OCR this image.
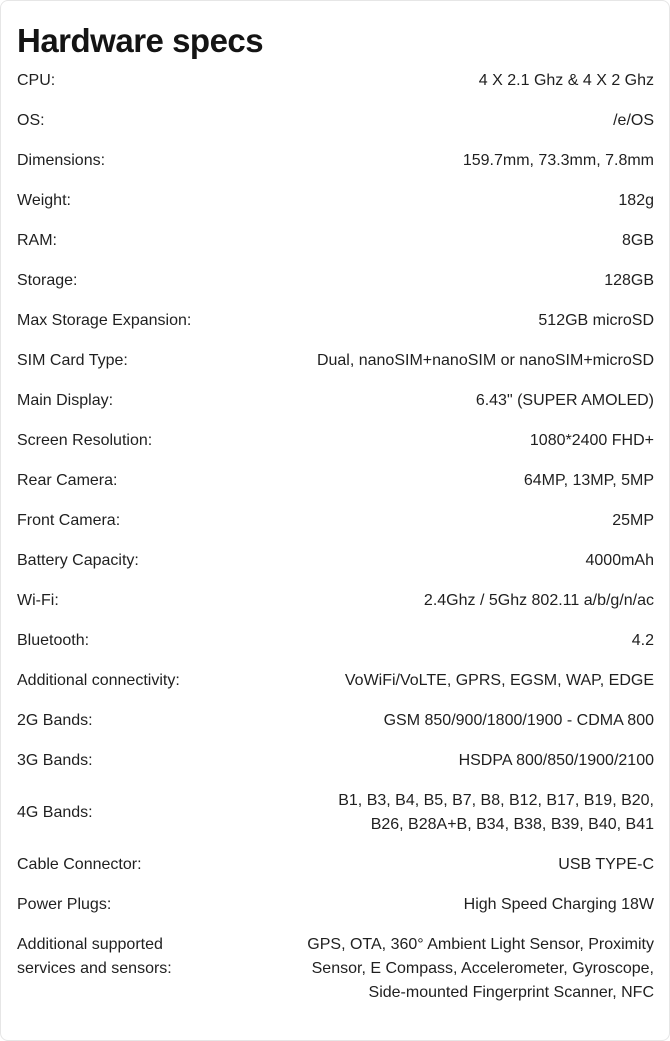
Hardware specs
CPU:	4 X 2.1 Ghz & 4 X 2 Ghz
OS:	/e/OS
Dimensions:	159.7mm, 73.3mm, 7.8mm
Weight:	182g
RAM:	8GB
Storage:	128GB
Max Storage Expansion:	512GB microSD
SIM Card Type:	Dual, nanoSIM+nanoSIM or nanoSIM+microSD
Main Display:	6.43" (SUPER AMOLED)
Screen Resolution:	1080*2400 FHD+
Rear Camera:	64MP, 13MP, 5MP
Front Camera:	25MP
Battery Capacity:	4000mAh
Wi-Fi:	2.4Ghz / 5Ghz 802.11 a/b/g/n/ac
Bluetooth:	4.2
Additional connectivity:	VoWiFi/VoLTE, GPRS, EGSM, WAP, EDGE
2G Bands:	GSM 850/900/1800/1900 - CDMA 800
3G Bands:	HSDPA 800/850/1900/2100
4G Bands:
B1, B3, B4, B5, B7, B8, B12, B17, B19, B20,
B26, B28A+B, B34, B38, B39, B40, B41
Cable Connector:	USB TYPE-C
Power Plugs:	High Speed Charging 18W
Additional supported
services and sensors:
GPS, OTA, 360° Ambient Light Sensor, Proximity
Sensor, E Compass, Accelerometer, Gyroscope,
Side-mounted Fingerprint Scanner, NFC
